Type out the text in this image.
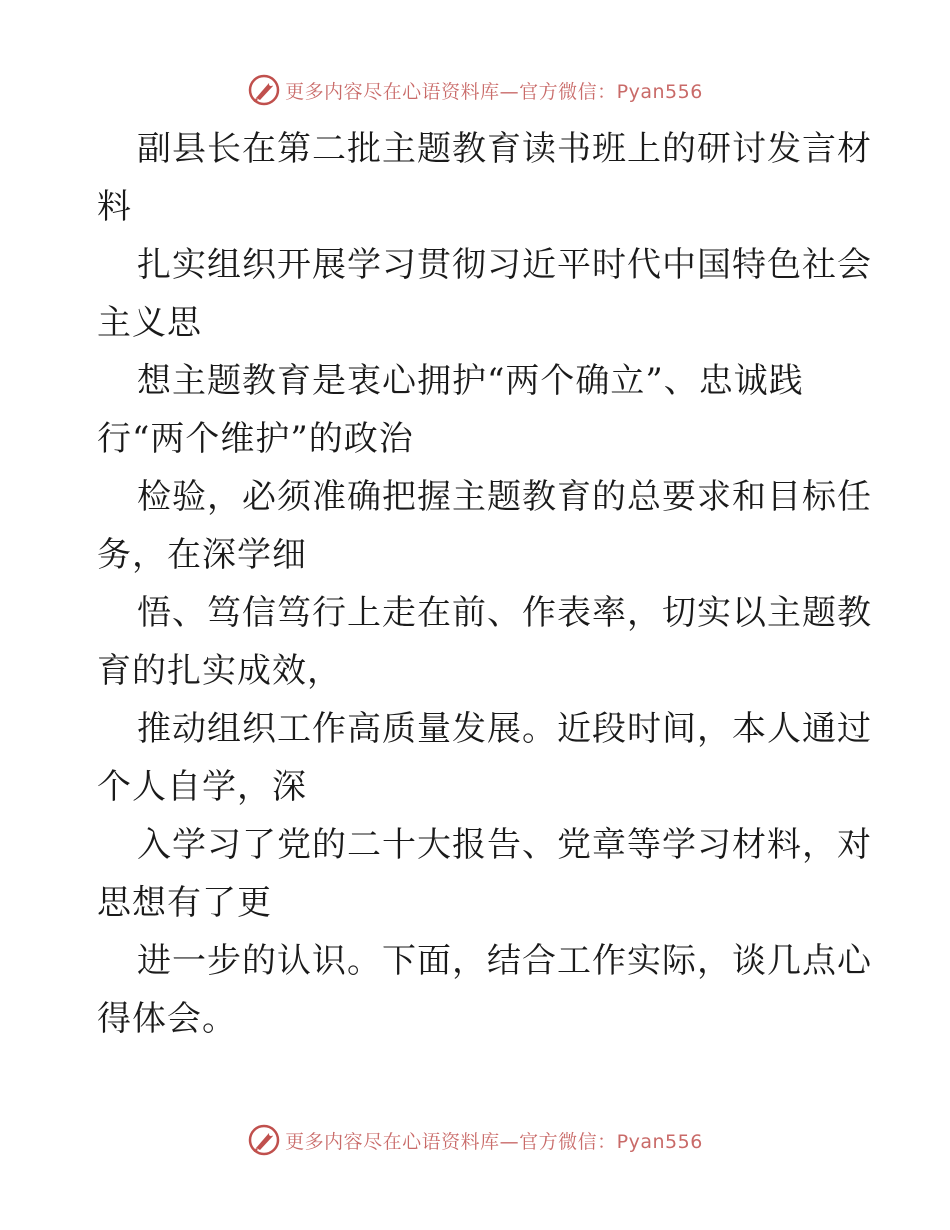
更多内容尽在心语资料库—官方微信：Pyan556

副县长在第二批主题教育读书班上的研讨发言材
料

扎实组织开展学习贯彻习近平时代中国特色社会
主义思

想主题教育是衷心拥护“两个确立”、忠诚践
行“两个维护”的政治

检验，必须准确把握主题教育的总要求和目标任
务，在深学细

悟、笃信笃行上走在前、作表率，切实以主题教
育的扎实成效，

推动组织工作高质量发展。近段时间，本人通过
个人自学，深

入学习了党的二十大报告、党章等学习材料，对
思想有了更

进一步的认识。下面，结合工作实际，谈几点心
得体会。

更多内容尽在心语资料库—官方微信：Pyan556
